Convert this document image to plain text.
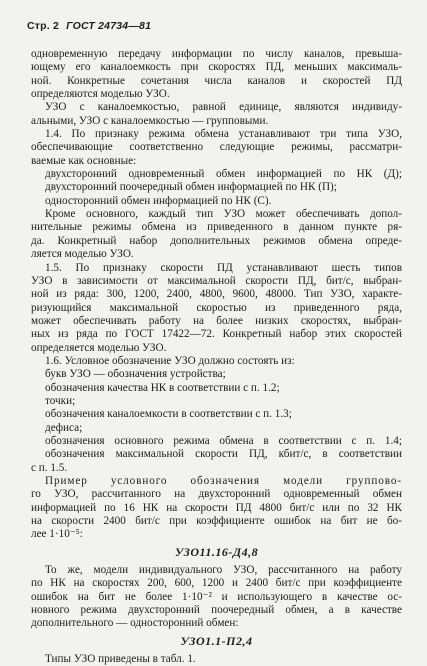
Стр. 2 ГОСТ 24734—81
одновременную передачу информации по числу каналов, превыша-
ющему его каналоемкость при скоростях ПД, меньших максималь-
ной. Конкретные сочетания числа каналов и скоростей ПД
определяются моделью УЗО.
УЗО с каналоемкостью, равной единице, являются индивиду-
альными, УЗО с каналоемкостью — групповыми.
1.4. По признаку режима обмена устанавливают три типа УЗО,
обеспечивающие соответственно следующие режимы, рассматри-
ваемые как основные:
двухсторонний одновременный обмен информацией по НК (Д);
двухсторонний поочередный обмен информацией по НК (П);
односторонний обмен информацией по НК (С).
Кроме основного, каждый тип УЗО может обеспечивать допол-
нительные режимы обмена из приведенного в данном пункте ря-
да. Конкретный набор дополнительных режимов обмена опреде-
ляется моделью УЗО.
1.5. По признаку скорости ПД устанавливают шесть типов
УЗО в зависимости от максимальной скорости ПД, бит/с, выбран-
ной из ряда: 300, 1200, 2400, 4800, 9600, 48000. Тип УЗО, характе-
ризующийся максимальной скоростью из приведенного ряда,
может обеспечивать работу на более низких скоростях, выбран-
ных из ряда по ГОСТ 17422—72. Конкретный набор этих скоростей
определяется моделью УЗО.
1.6. Условное обозначение УЗО должно состоять из:
букв УЗО — обозначения устройства;
обозначения качества НК в соответствии с п. 1.2;
точки;
обозначения каналоемкости в соответствии с п. 1.3;
дефиса;
обозначения основного режима обмена в соответствии с п. 1.4;
обозначения максимальной скорости ПД, кбит/с, в соответствии
с п. 1.5.
Пример условного обозначения модели группово-
го УЗО, рассчитанного на двухсторонний одновременный обмен
информацией по 16 НК на скорости ПД 4800 бит/с или по 32 НК
на скорости 2400 бит/с при коэффициенте ошибок на бит не бо-
лее 1·10⁻⁵:
УЗО11.16-Д4,8
То же, модели индивидуального УЗО, рассчитанного на работу
по НК на скоростях 200, 600, 1200 и 2400 бит/с при коэффициенте
ошибок на бит не более 1·10⁻² и использующего в качестве ос-
новного режима двухсторонний поочередный обмен, а в качестве
дополнительного — односторонний обмен:
УЗО1.1-П2,4
Типы УЗО приведены в табл. 1.
